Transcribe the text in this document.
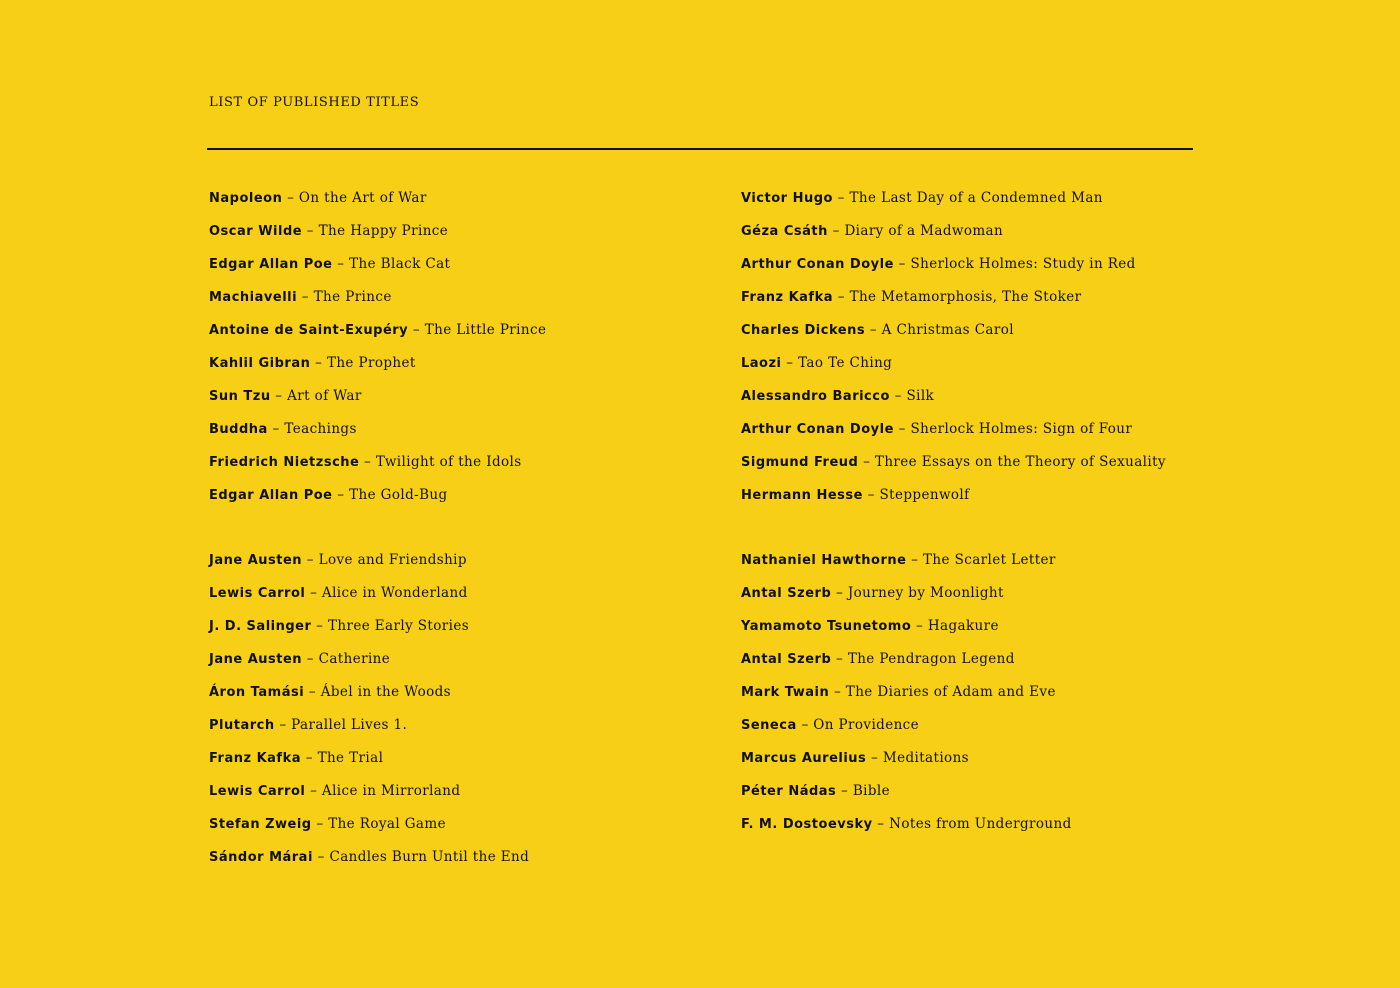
LIST OF PUBLISHED TITLES
Napoleon – On the Art of War
Oscar Wilde – The Happy Prince
Edgar Allan Poe – The Black Cat
Machiavelli – The Prince
Antoine de Saint-Exupéry – The Little Prince
Kahlil Gibran – The Prophet
Sun Tzu – Art of War
Buddha – Teachings
Friedrich Nietzsche – Twilight of the Idols
Edgar Allan Poe – The Gold-Bug
Victor Hugo – The Last Day of a Condemned Man
Géza Csáth – Diary of a Madwoman
Arthur Conan Doyle – Sherlock Holmes: Study in Red
Franz Kafka – The Metamorphosis, The Stoker
Charles Dickens – A Christmas Carol
Laozi – Tao Te Ching
Alessandro Baricco – Silk
Arthur Conan Doyle – Sherlock Holmes: Sign of Four
Sigmund Freud – Three Essays on the Theory of Sexuality
Hermann Hesse – Steppenwolf
Jane Austen – Love and Friendship
Lewis Carrol – Alice in Wonderland
J. D. Salinger – Three Early Stories
Jane Austen – Catherine
Áron Tamási – Ábel in the Woods
Plutarch – Parallel Lives 1.
Franz Kafka – The Trial
Lewis Carrol – Alice in Mirrorland
Stefan Zweig – The Royal Game
Sándor Márai – Candles Burn Until the End
Nathaniel Hawthorne – The Scarlet Letter
Antal Szerb – Journey by Moonlight
Yamamoto Tsunetomo – Hagakure
Antal Szerb – The Pendragon Legend
Mark Twain – The Diaries of Adam and Eve
Seneca – On Providence
Marcus Aurelius – Meditations
Péter Nádas – Bible
F. M. Dostoevsky – Notes from Underground
